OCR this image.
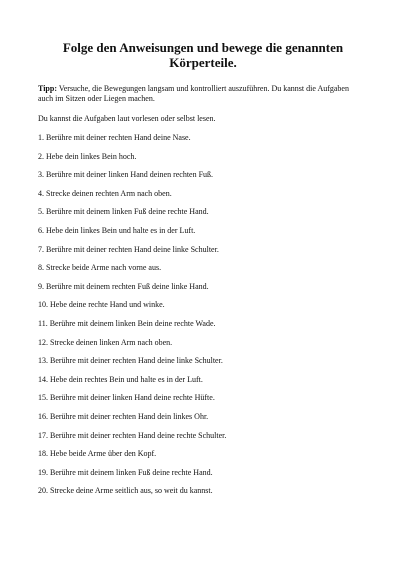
Folge den Anweisungen und bewege die genannten Körperteile.

Tipp: Versuche, die Bewegungen langsam und kontrolliert auszuführen. Du kannst die Aufgaben auch im Sitzen oder Liegen machen.

Du kannst die Aufgaben laut vorlesen oder selbst lesen.

1. Berühre mit deiner rechten Hand deine Nase.
2. Hebe dein linkes Bein hoch.
3. Berühre mit deiner linken Hand deinen rechten Fuß.
4. Strecke deinen rechten Arm nach oben.
5. Berühre mit deinem linken Fuß deine rechte Hand.
6. Hebe dein linkes Bein und halte es in der Luft.
7. Berühre mit deiner rechten Hand deine linke Schulter.
8. Strecke beide Arme nach vorne aus.
9. Berühre mit deinem rechten Fuß deine linke Hand.
10. Hebe deine rechte Hand und winke.
11. Berühre mit deinem linken Bein deine rechte Wade.
12. Strecke deinen linken Arm nach oben.
13. Berühre mit deiner rechten Hand deine linke Schulter.
14. Hebe dein rechtes Bein und halte es in der Luft.
15. Berühre mit deiner linken Hand deine rechte Hüfte.
16. Berühre mit deiner rechten Hand dein linkes Ohr.
17. Berühre mit deiner rechten Hand deine rechte Schulter.
18. Hebe beide Arme über den Kopf.
19. Berühre mit deinem linken Fuß deine rechte Hand.
20. Strecke deine Arme seitlich aus, so weit du kannst.
